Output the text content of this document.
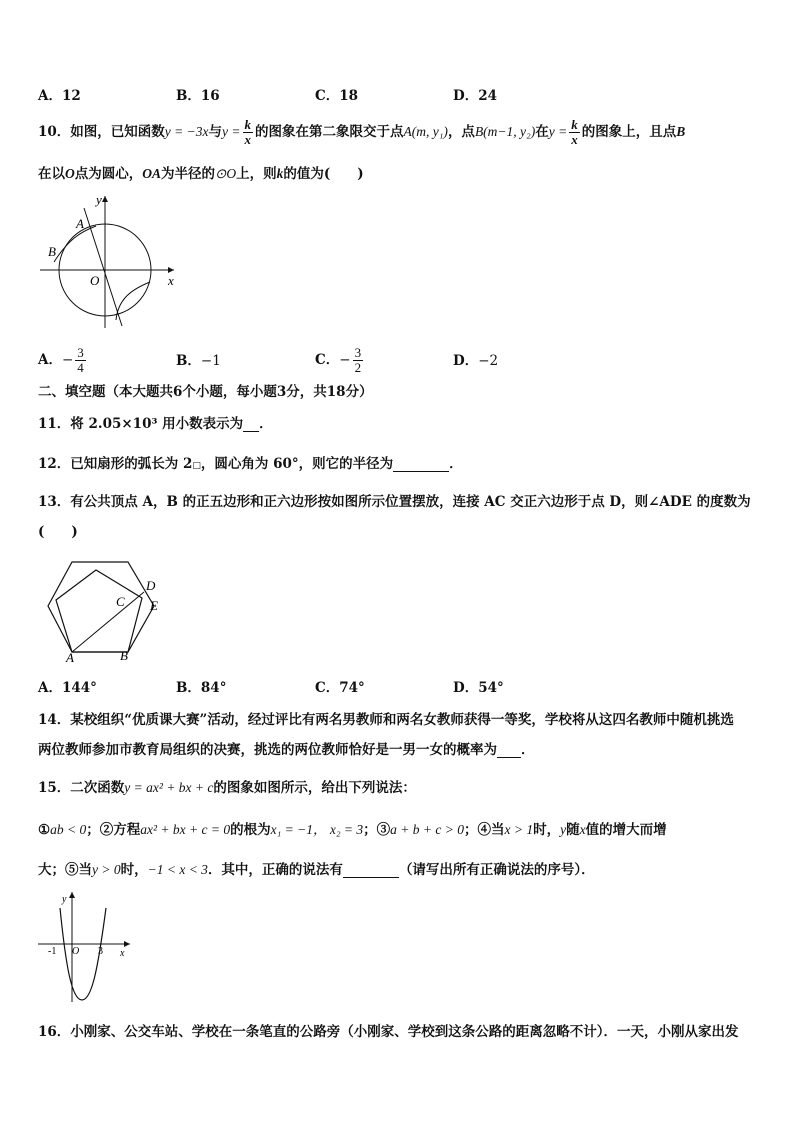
A．12	B．16	C．18	D．24
10．如图，已知函数y = −3x与$y = \frac{k}{x}$ 的图象在第二象限交于点A(m, y₁)，点B(m−1, y₂)在$y = \frac{k}{x}$ 的图象上，且点B
在以O点为圆心，OA为半径的⊙O上，则k的值为(　　)
y
x
O
A
B
A．− $\frac{3}{4}$	B．−1	C．− $\frac{3}{2}$	D．−2
二、填空题（本大题共6个小题，每小题3分，共18分）
11．将 2.05×10³ 用小数表示为 ．
12．已知扇形的弧长为 2□，圆心角为 60°，则它的半径为	．
13．有公共顶点 A，B 的正五边形和正六边形按如图所示位置摆放，连接 AC 交正六边形于点 D，则∠ADE 的度数为
(　　)
A	B
C
D
E
A．144°	B．84°	C．74°	D．54°
14．某校组织“优质课大赛”活动，经过评比有两名男教师和两名女教师获得一等奖，学校将从这四名教师中随机挑选
两位教师参加市教育局组织的决赛，挑选的两位教师恰好是一男一女的概率为 ．
15．二次函数y = ax² + bx + c的图象如图所示，给出下列说法：
①ab < 0；②方程ax² + bx + c = 0的根为x₁ = −1， x₂ = 3；③a + b + c > 0；④当x > 1时，y随x值的增大而增
大；⑤当y > 0时，−1 < x < 3．其中，正确的说法有	（请写出所有正确说法的序号）．
y
x
O
-1	3
16．小刚家、公交车站、学校在一条笔直的公路旁（小刚家、学校到这条公路的距离忽略不计）．一天，小刚从家出发
